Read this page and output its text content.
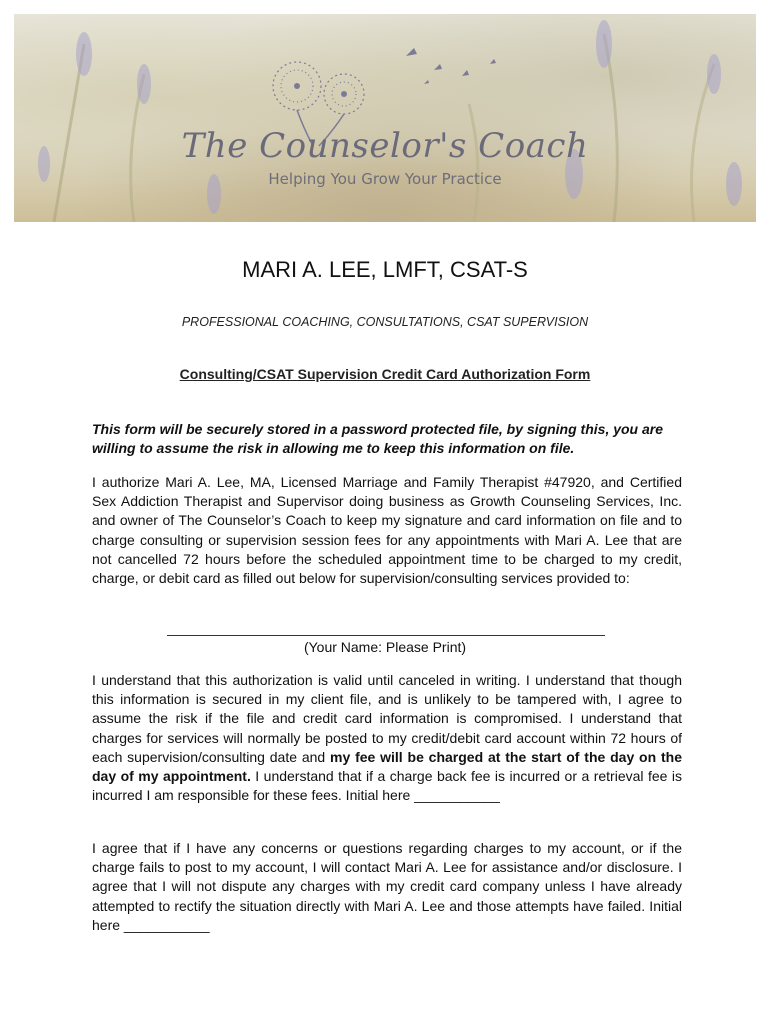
The Counselor's Coach
Helping You Grow Your Practice
MARI A. LEE, LMFT, CSAT-S
PROFESSIONAL COACHING, CONSULTATIONS, CSAT SUPERVISION
Consulting/CSAT Supervision Credit Card Authorization Form
This form will be securely stored in a password protected file, by signing this, you are willing to assume the risk in allowing me to keep this information on file.
I authorize Mari A. Lee, MA, Licensed Marriage and Family Therapist #47920, and Certified Sex Addiction Therapist and Supervisor doing business as Growth Counseling Services, Inc. and owner of The Counselor’s Coach to keep my signature and card information on file and to charge consulting or supervision session fees for any appointments with Mari A. Lee that are not cancelled 72 hours before the scheduled appointment time to be charged to my credit, charge, or debit card as filled out below for supervision/consulting services provided to:
(Your Name: Please Print)
I understand that this authorization is valid until canceled in writing. I understand that though this information is secured in my client file, and is unlikely to be tampered with, I agree to assume the risk if the file and credit card information is compromised. I understand that charges for services will normally be posted to my credit/debit card account within 72 hours of each supervision/consulting date and my fee will be charged at the start of the day on the day of my appointment. I understand that if a charge back fee is incurred or a retrieval fee is incurred I am responsible for these fees. Initial here ___________
I agree that if I have any concerns or questions regarding charges to my account, or if the charge fails to post to my account, I will contact Mari A. Lee for assistance and/or disclosure. I agree that I will not dispute any charges with my credit card company unless I have already attempted to rectify the situation directly with Mari A. Lee and those attempts have failed. Initial here ___________
